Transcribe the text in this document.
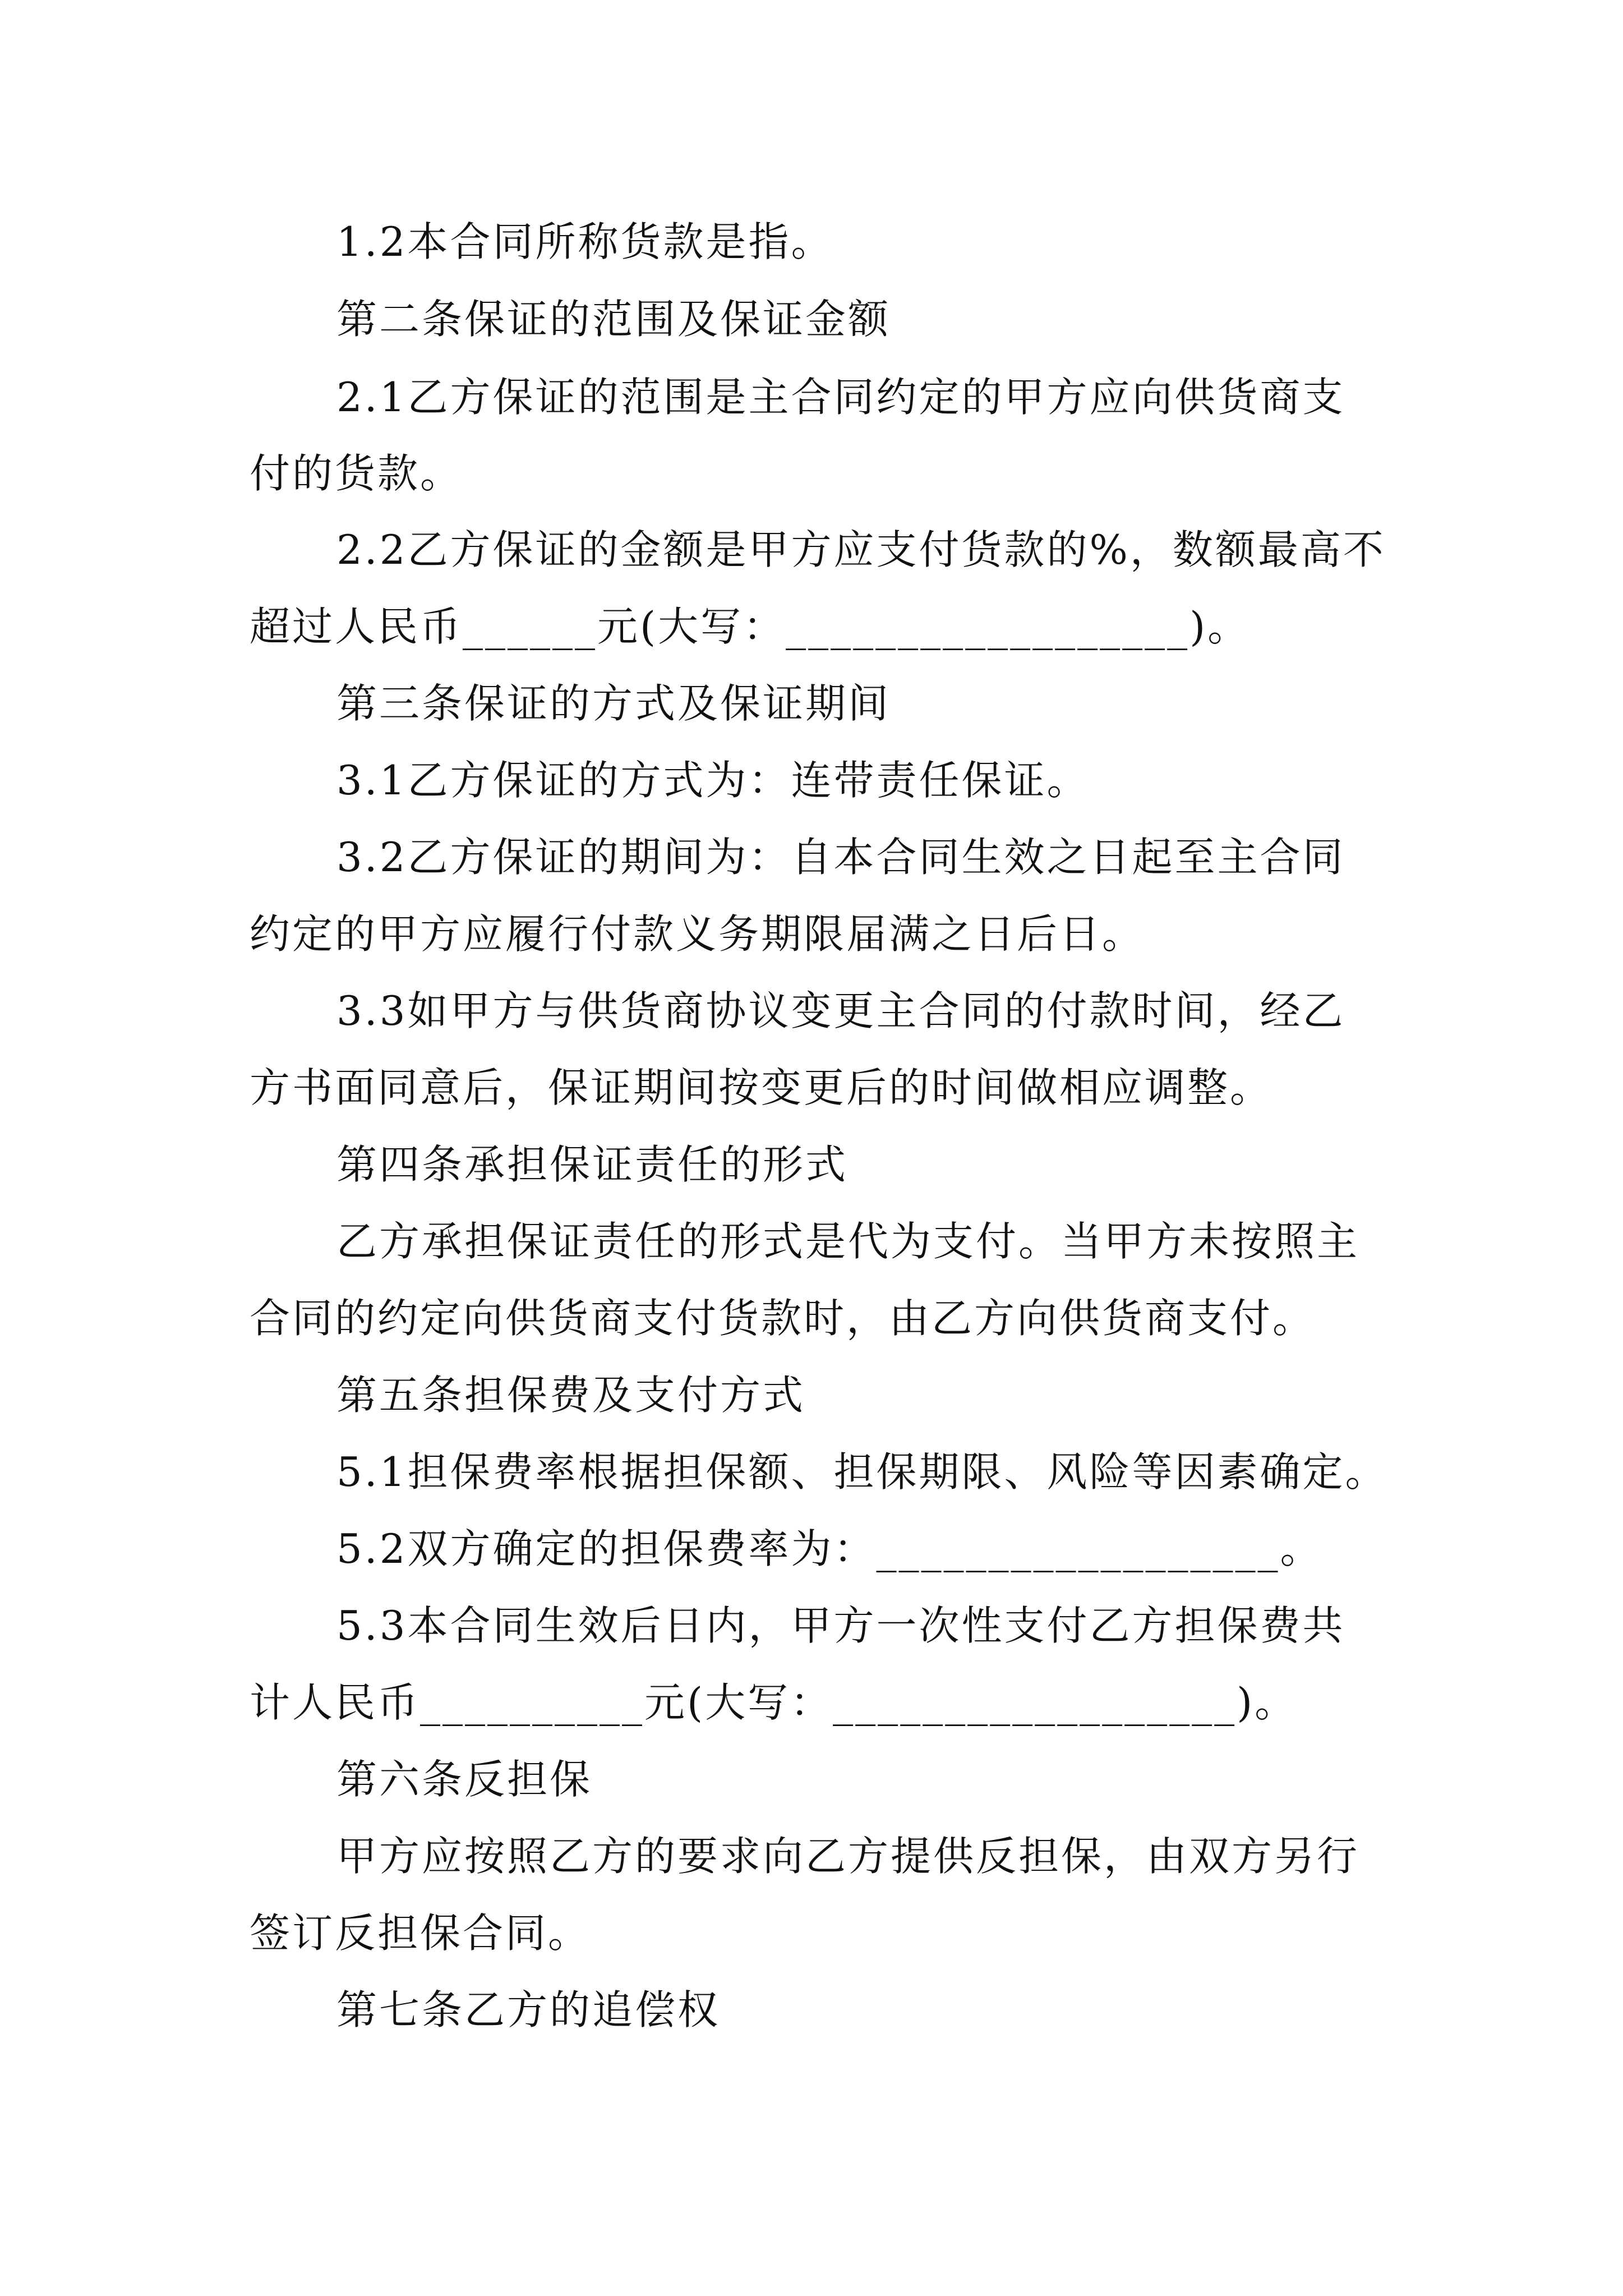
1.2本合同所称货款是指。
第二条保证的范围及保证金额
2.1乙方保证的范围是主合同约定的甲方应向供货商支
付的货款。
2.2乙方保证的金额是甲方应支付货款的%，数额最高不
超过人民币______元(大写：__________________)。
第三条保证的方式及保证期间
3.1乙方保证的方式为：连带责任保证。
3.2乙方保证的期间为：自本合同生效之日起至主合同
约定的甲方应履行付款义务期限届满之日后日。
3.3如甲方与供货商协议变更主合同的付款时间，经乙
方书面同意后，保证期间按变更后的时间做相应调整。
第四条承担保证责任的形式
乙方承担保证责任的形式是代为支付。当甲方未按照主
合同的约定向供货商支付货款时，由乙方向供货商支付。
第五条担保费及支付方式
5.1担保费率根据担保额、担保期限、风险等因素确定。
5.2双方确定的担保费率为：__________________。
5.3本合同生效后日内，甲方一次性支付乙方担保费共
计人民币__________元(大写：__________________)。
第六条反担保
甲方应按照乙方的要求向乙方提供反担保，由双方另行
签订反担保合同。
第七条乙方的追偿权
